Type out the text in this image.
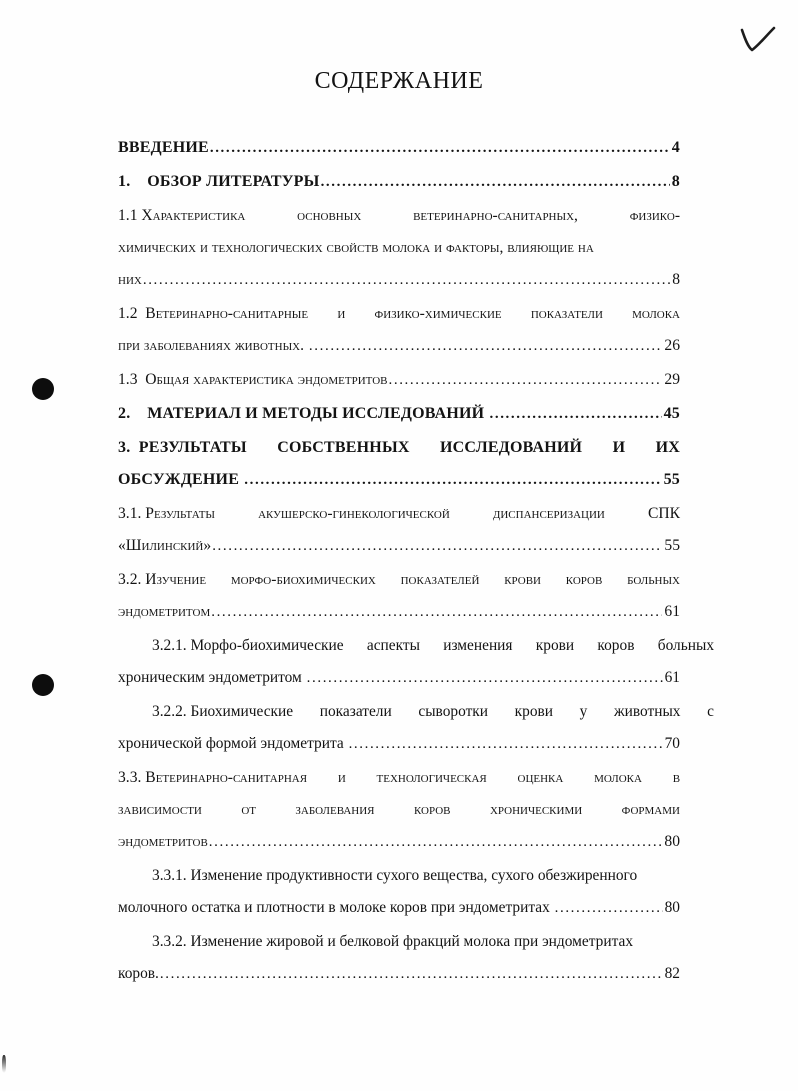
СОДЕРЖАНИЕ
ВВЕДЕНИЕ .....	4
1.    ОБЗОР ЛИТЕРАТУРЫ .....	8
1.1 Характеристика	основных	ветеринарно-санитарных,	физико-
химических и технологических свойств молока и факторы, влияющие на
них .....	8
1.2  Ветеринарно-санитарные и физико-химические показатели молока
при заболеваниях животных. .....	26
1.3  Общая характеристика эндометритов .....	29
2.    МАТЕРИАЛ И МЕТОДЫ ИССЛЕДОВАНИЙ .....	45
3.  РЕЗУЛЬТАТЫ СОБСТВЕННЫХ ИССЛЕДОВАНИЙ И ИХ
ОБСУЖДЕНИЕ .....	55
3.1. Результаты	акушерско-гинекологической	диспансеризации	СПК
«Шилинский» .....	55
3.2. Изучение морфо-биохимических показателей крови коров больных
эндометритом .....	61
3.2.1. Морфо-биохимические аспекты изменения крови коров больных
хроническим эндометритом .....	61
3.2.2. Биохимические показатели сыворотки крови у животных с
хронической формой эндометрита .....	70
3.3. Ветеринарно-санитарная и технологическая оценка молока в
зависимости	от	заболевания	коров	хроническими	формами
эндометритов .....	80
3.3.1. Изменение продуктивности сухого вещества, сухого обезжиренного
молочного остатка и плотности в молоке коров при эндометритах .....	80
3.3.2. Изменение жировой и белковой фракций молока при эндометритах
коров. .....	82
